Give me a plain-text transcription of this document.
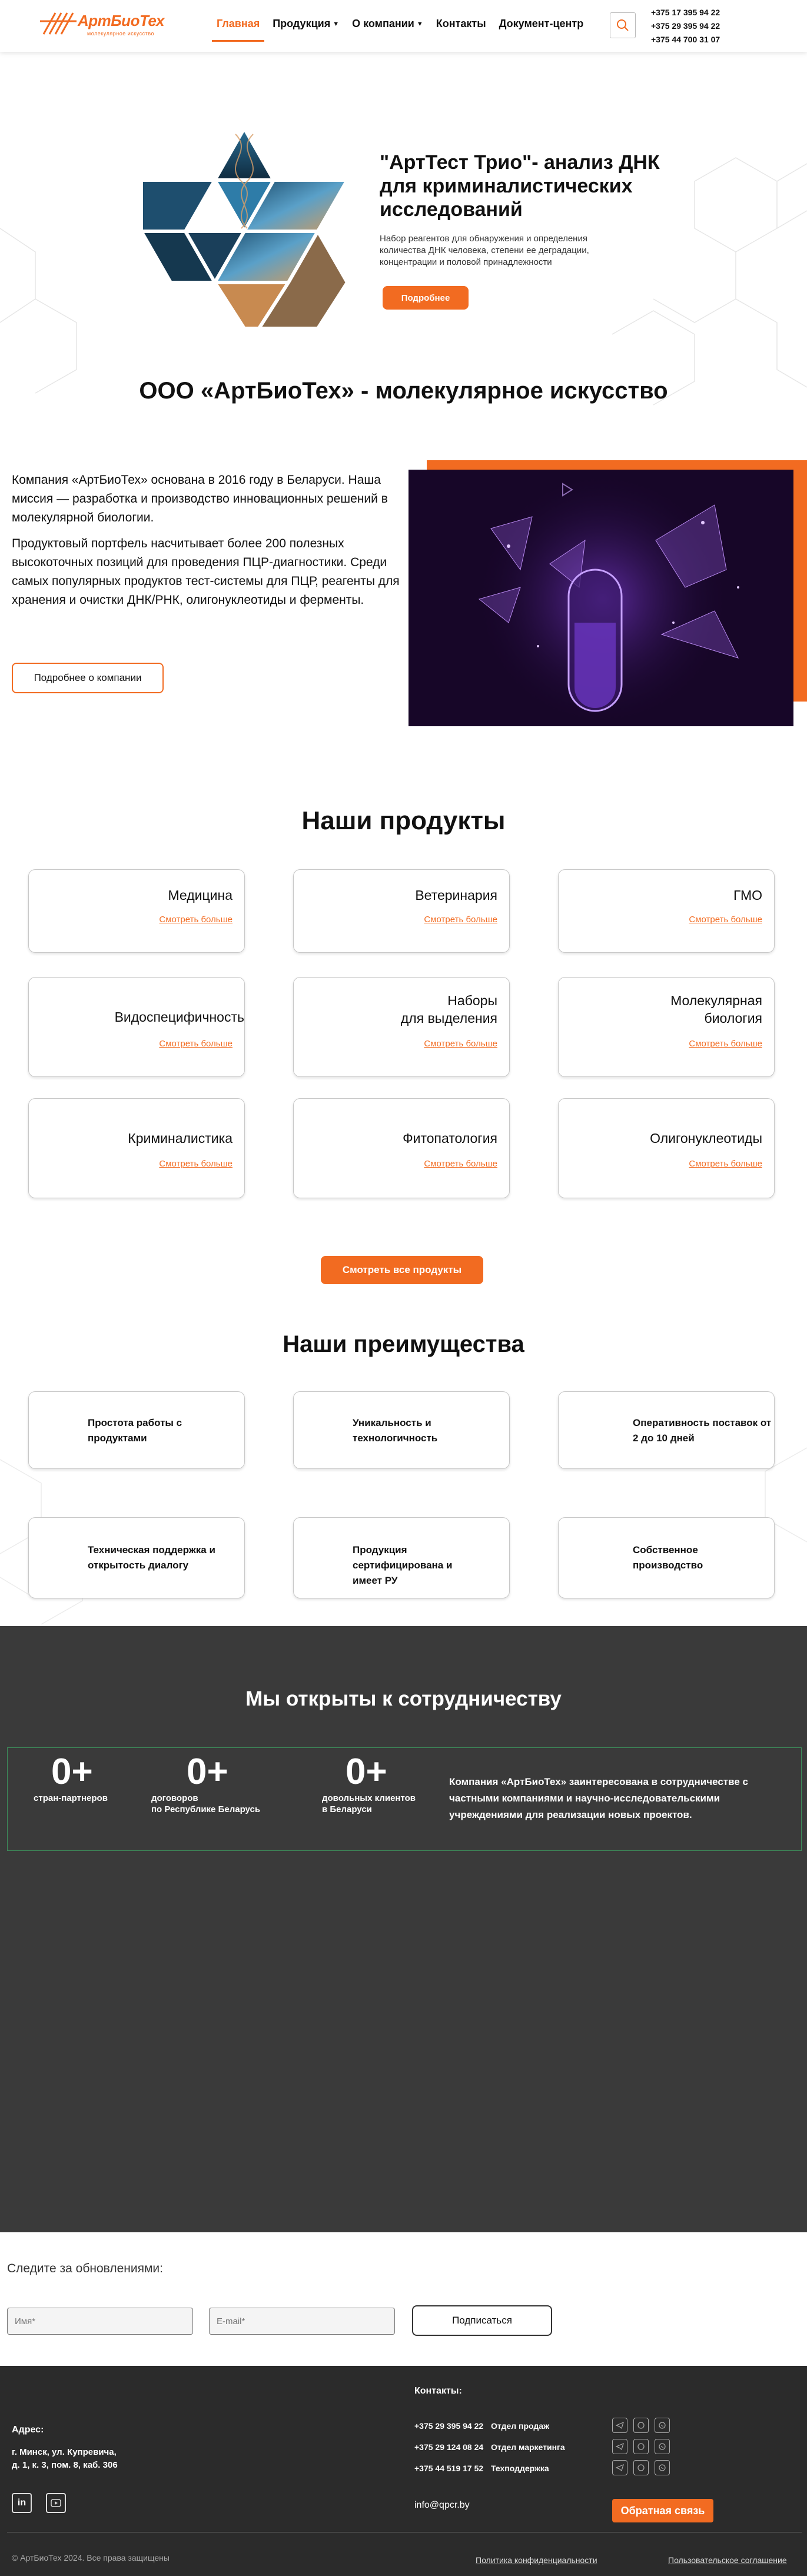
АртБиоТех
молекулярное искусство
Главная Продукция ▼ О компании ▼ Контакты Документ-центр
+375 17 395 94 22
+375 29 395 94 22
+375 44 700 31 07
"АртТест Трио"- анализ ДНК для криминалистических исследований
Набор реагентов для обнаружения и определения количества ДНК человека, степени ее деградации, концентрации и половой принадлежности
Подробнее
ООО «АртБиоТех» - молекулярное искусство

Компания «АртБиоТех» основана в 2016 году в Беларуси. Наша миссия — разработка и производство инновационных решений в молекулярной биологии.

Продуктовый портфель насчитывает более 200 полезных высокоточных позиций для проведения ПЦР-диагностики. Среди самых популярных продуктов тест-системы для ПЦР, реагенты для хранения и очистки ДНК/РНК, олигонуклеотиды и ферменты.

Подробнее о компании
Наши продукты
Медицина
Смотреть больше
Ветеринария
Смотреть больше
ГМО
Смотреть больше
Видоспецифичность
Смотреть больше
Наборы
для выделения
Смотреть больше
Молекулярная
биология
Смотреть больше
Криминалистика
Смотреть больше
Фитопатология
Смотреть больше
Олигонуклеотиды
Смотреть больше
Смотреть все продукты
Наши преимущества
Простота работы с продуктами
Уникальность и технологичность
Оперативность поставок от 2 до 10 дней
Техническая поддержка и открытость диалогу
Продукция сертифицирована и имеет РУ
Собственное производство
Мы открыты к сотрудничеству
0+
стран-партнеров
0+
договоров
по Республике Беларусь
0+
довольных клиентов
в Беларуси
Компания «АртБиоТех» заинтересована в сотрудничестве с частными компаниями и научно-исследовательскими учреждениями для реализации новых проектов.
Следите за обновлениями:
Имя*
E-mail*
Подписаться
Адрес:
г. Минск, ул. Купревича,
д. 1, к. 3, пом. 8, каб. 306
in
Контакты:
+375 29 395 94 22 Отдел продаж
+375 29 124 08 24 Отдел маркетинга
+375 44 519 17 52 Техподдержка
info@qpcr.by	Обратная связь
© АртБиоТех 2024. Все права защищены	Политика конфиденциальности	Пользовательское соглашение
